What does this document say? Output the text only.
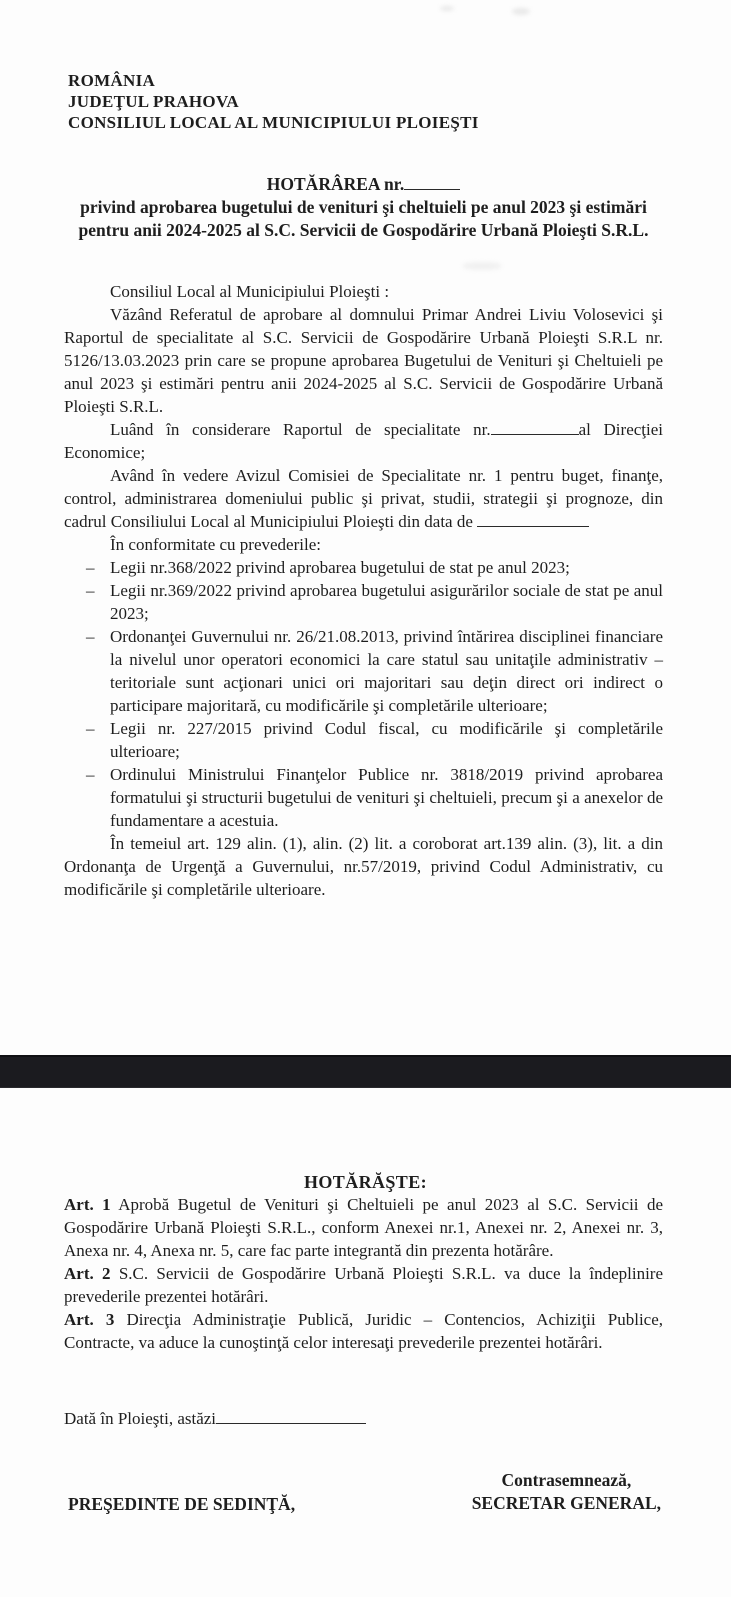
ROMÂNIA
JUDEŢUL PRAHOVA
CONSILIUL LOCAL AL MUNICIPIULUI PLOIEŞTI
HOTĂRÂREA nr.
privind aprobarea bugetului de venituri şi cheltuieli pe anul 2023 şi estimări
pentru anii 2024-2025 al S.C. Servicii de Gospodărire Urbană Ploieşti S.R.L.
Consiliul Local al Municipiului Ploieşti :

Văzând Referatul de aprobare al domnului Primar Andrei Liviu Volosevici şi Raportul de specialitate al S.C. Servicii de Gospodărire Urbană Ploieşti S.R.L nr. 5126/13.03.2023 prin care se propune aprobarea Bugetului de Venituri şi Cheltuieli pe anul 2023 şi estimări pentru anii 2024-2025 al S.C. Servicii de Gospodărire Urbană Ploieşti S.R.L.

Luând în considerare Raportul de specialitate nr.	al Direcţiei Economice;

Având în vedere Avizul Comisiei de Specialitate nr. 1 pentru buget, finanţe, control, administrarea domeniului public şi privat, studii, strategii şi prognoze, din cadrul Consiliului Local al Municipiului Ploieşti din data de

În conformitate cu prevederile:

– Legii nr.368/2022 privind aprobarea bugetului de stat pe anul 2023;
– Legii nr.369/2022 privind aprobarea bugetului asigurărilor sociale de stat pe anul 2023;
– Ordonanţei Guvernului nr. 26/21.08.2013, privind întărirea disciplinei financiare la nivelul unor operatori economici la care statul sau unitaţile administrativ – teritoriale sunt acţionari unici ori majoritari sau deţin direct ori indirect o participare majoritară, cu modificările şi completările ulterioare;
– Legii nr. 227/2015 privind Codul fiscal, cu modificările şi completările ulterioare;
– Ordinului Ministrului Finanţelor Publice nr. 3818/2019 privind aprobarea formatului şi structurii bugetului de venituri şi cheltuieli, precum şi a anexelor de fundamentare a acestuia.

În temeiul art. 129 alin. (1), alin. (2) lit. a coroborat art.139 alin. (3), lit. a din Ordonanţa de Urgenţă a Guvernului, nr.57/2019, privind Codul Administrativ, cu modificările şi completările ulterioare.

HOTĂRĂŞTE:

Art. 1 Aprobă Bugetul de Venituri şi Cheltuieli pe anul 2023 al S.C. Servicii de Gospodărire Urbană Ploieşti S.R.L., conform Anexei nr.1, Anexei nr. 2, Anexei nr. 3, Anexa nr. 4, Anexa nr. 5, care fac parte integrantă din prezenta hotărâre.

Art. 2 S.C. Servicii de Gospodărire Urbană Ploieşti S.R.L. va duce la îndeplinire prevederile prezentei hotărâri.

Art. 3 Direcţia Administraţie Publică, Juridic – Contencios, Achiziţii Publice, Contracte, va aduce la cunoştinţă celor interesaţi prevederile prezentei hotărâri.

Dată în Ploieşti, astăzi
PREŞEDINTE DE SEDINŢĂ,
Contrasemnează,
SECRETAR GENERAL,
